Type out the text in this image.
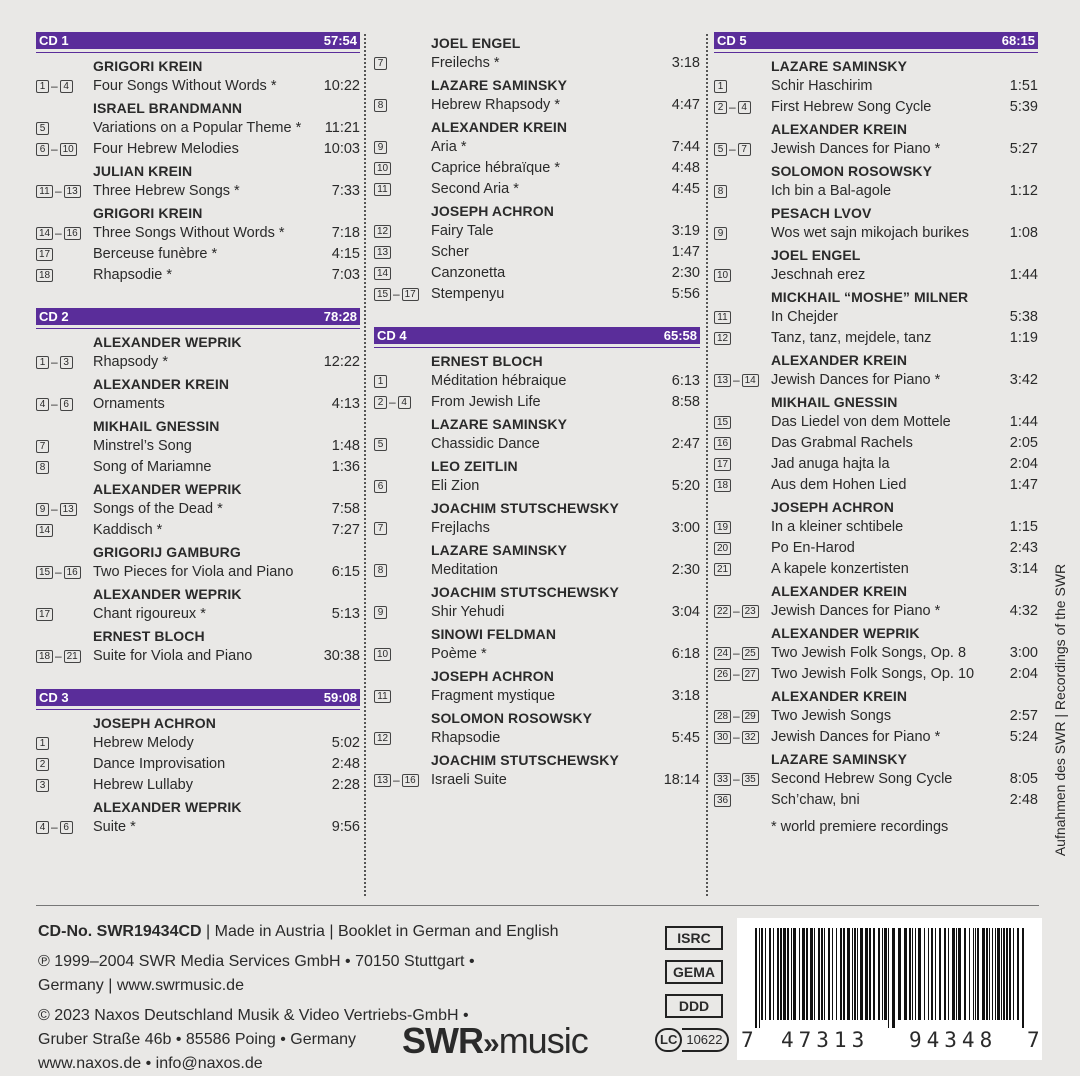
CD 1	57:54
GRIGORI KREIN
1 – 4 Four Songs Without Words *	10:22
ISRAEL BRANDMANN
5	Variations on a Popular Theme *	11:21
6 – 10 Four Hebrew Melodies	10:03
JULIAN KREIN
11 – 13 Three Hebrew Songs *	7:33
GRIGORI KREIN
14 – 16 Three Songs Without Words *	7:18
17	Berceuse funèbre *	4:15
18	Rhapsodie *	7:03
CD 2	78:28
ALEXANDER WEPRIK
1 – 3 Rhapsody *	12:22
ALEXANDER KREIN
4 – 6 Ornaments	4:13
MIKHAIL GNESSIN
7	Minstrel’s Song	1:48
8	Song of Mariamne	1:36
ALEXANDER WEPRIK
9 – 13 Songs of the Dead *	7:58
14	Kaddisch *	7:27
GRIGORIJ GAMBURG
15 – 16 Two Pieces for Viola and Piano	6:15
ALEXANDER WEPRIK
17	Chant rigoureux *	5:13
ERNEST BLOCH
18 – 21 Suite for Viola and Piano	30:38
CD 3	59:08
JOSEPH ACHRON
1	Hebrew Melody	5:02
2	Dance Improvisation	2:48
3	Hebrew Lullaby	2:28
ALEXANDER WEPRIK
4 – 6 Suite *	9:56
JOEL ENGEL
7	Freilechs *	3:18
LAZARE SAMINSKY
8	Hebrew Rhapsody *	4:47
ALEXANDER KREIN
9	Aria *	7:44
10	Caprice hébraïque *	4:48
11	Second Aria *	4:45
JOSEPH ACHRON
12	Fairy Tale	3:19
13	Scher	1:47
14	Canzonetta	2:30
15 – 17 Stempenyu	5:56
CD 4	65:58
ERNEST BLOCH
1	Méditation hébraique	6:13
2 – 4 From Jewish Life	8:58
LAZARE SAMINSKY
5	Chassidic Dance	2:47
LEO ZEITLIN
6	Eli Zion	5:20
JOACHIM STUTSCHEWSKY
7	Frejlachs	3:00
LAZARE SAMINSKY
8	Meditation	2:30
JOACHIM STUTSCHEWSKY
9	Shir Yehudi	3:04
SINOWI FELDMAN
10	Poème *	6:18
JOSEPH ACHRON
11	Fragment mystique	3:18
SOLOMON ROSOWSKY
12	Rhapsodie	5:45
JOACHIM STUTSCHEWSKY
13 – 16 Israeli Suite	18:14
CD 5	68:15
LAZARE SAMINSKY
1	Schir Haschirim	1:51
2 – 4 First Hebrew Song Cycle	5:39
ALEXANDER KREIN
5 – 7 Jewish Dances for Piano *	5:27
SOLOMON ROSOWSKY
8	Ich bin a Bal-agole	1:12
PESACH LVOV
9	Wos wet sajn mikojach burikes	1:08
JOEL ENGEL
10	Jeschnah erez	1:44
MICKHAIL “MOSHE” MILNER
11	In Chejder	5:38
12	Tanz, tanz, mejdele, tanz	1:19
ALEXANDER KREIN
13 – 14 Jewish Dances for Piano *	3:42
MIKHAIL GNESSIN
15	Das Liedel von dem Mottele	1:44
16	Das Grabmal Rachels	2:05
17	Jad anuga hajta la	2:04
18	Aus dem Hohen Lied	1:47
JOSEPH ACHRON
19	In a kleiner schtibele	1:15
20	Po En-Harod	2:43
21	A kapele konzertisten	3:14
ALEXANDER KREIN
22 – 23 Jewish Dances for Piano *	4:32
ALEXANDER WEPRIK
24 – 25 Two Jewish Folk Songs, Op. 8	3:00
26 – 27 Two Jewish Folk Songs, Op. 10	2:04
ALEXANDER KREIN
28 – 29 Two Jewish Songs	2:57
30 – 32 Jewish Dances for Piano *	5:24
LAZARE SAMINSKY
33 – 35 Second Hebrew Song Cycle	8:05
36	Sch’chaw, bni	2:48
* world premiere recordings	Aufnahmen des SWR | Recordings of the SWR

CD-No. SWR19434CD | Made in Austria | Booklet in German and English

℗ 1999–2004 SWR Media Services GmbH • 70150 Stuttgart •

Germany | www.swrmusic.de

© 2023 Naxos Deutschland Musik & Video Vertriebs-GmbH •

Gruber Straße 46b • 85586 Poing • Germany

www.naxos.de • info@naxos.de

ISRC
GEMA
DDD
SWR»music	LC 10622 7 47313 94348 7
